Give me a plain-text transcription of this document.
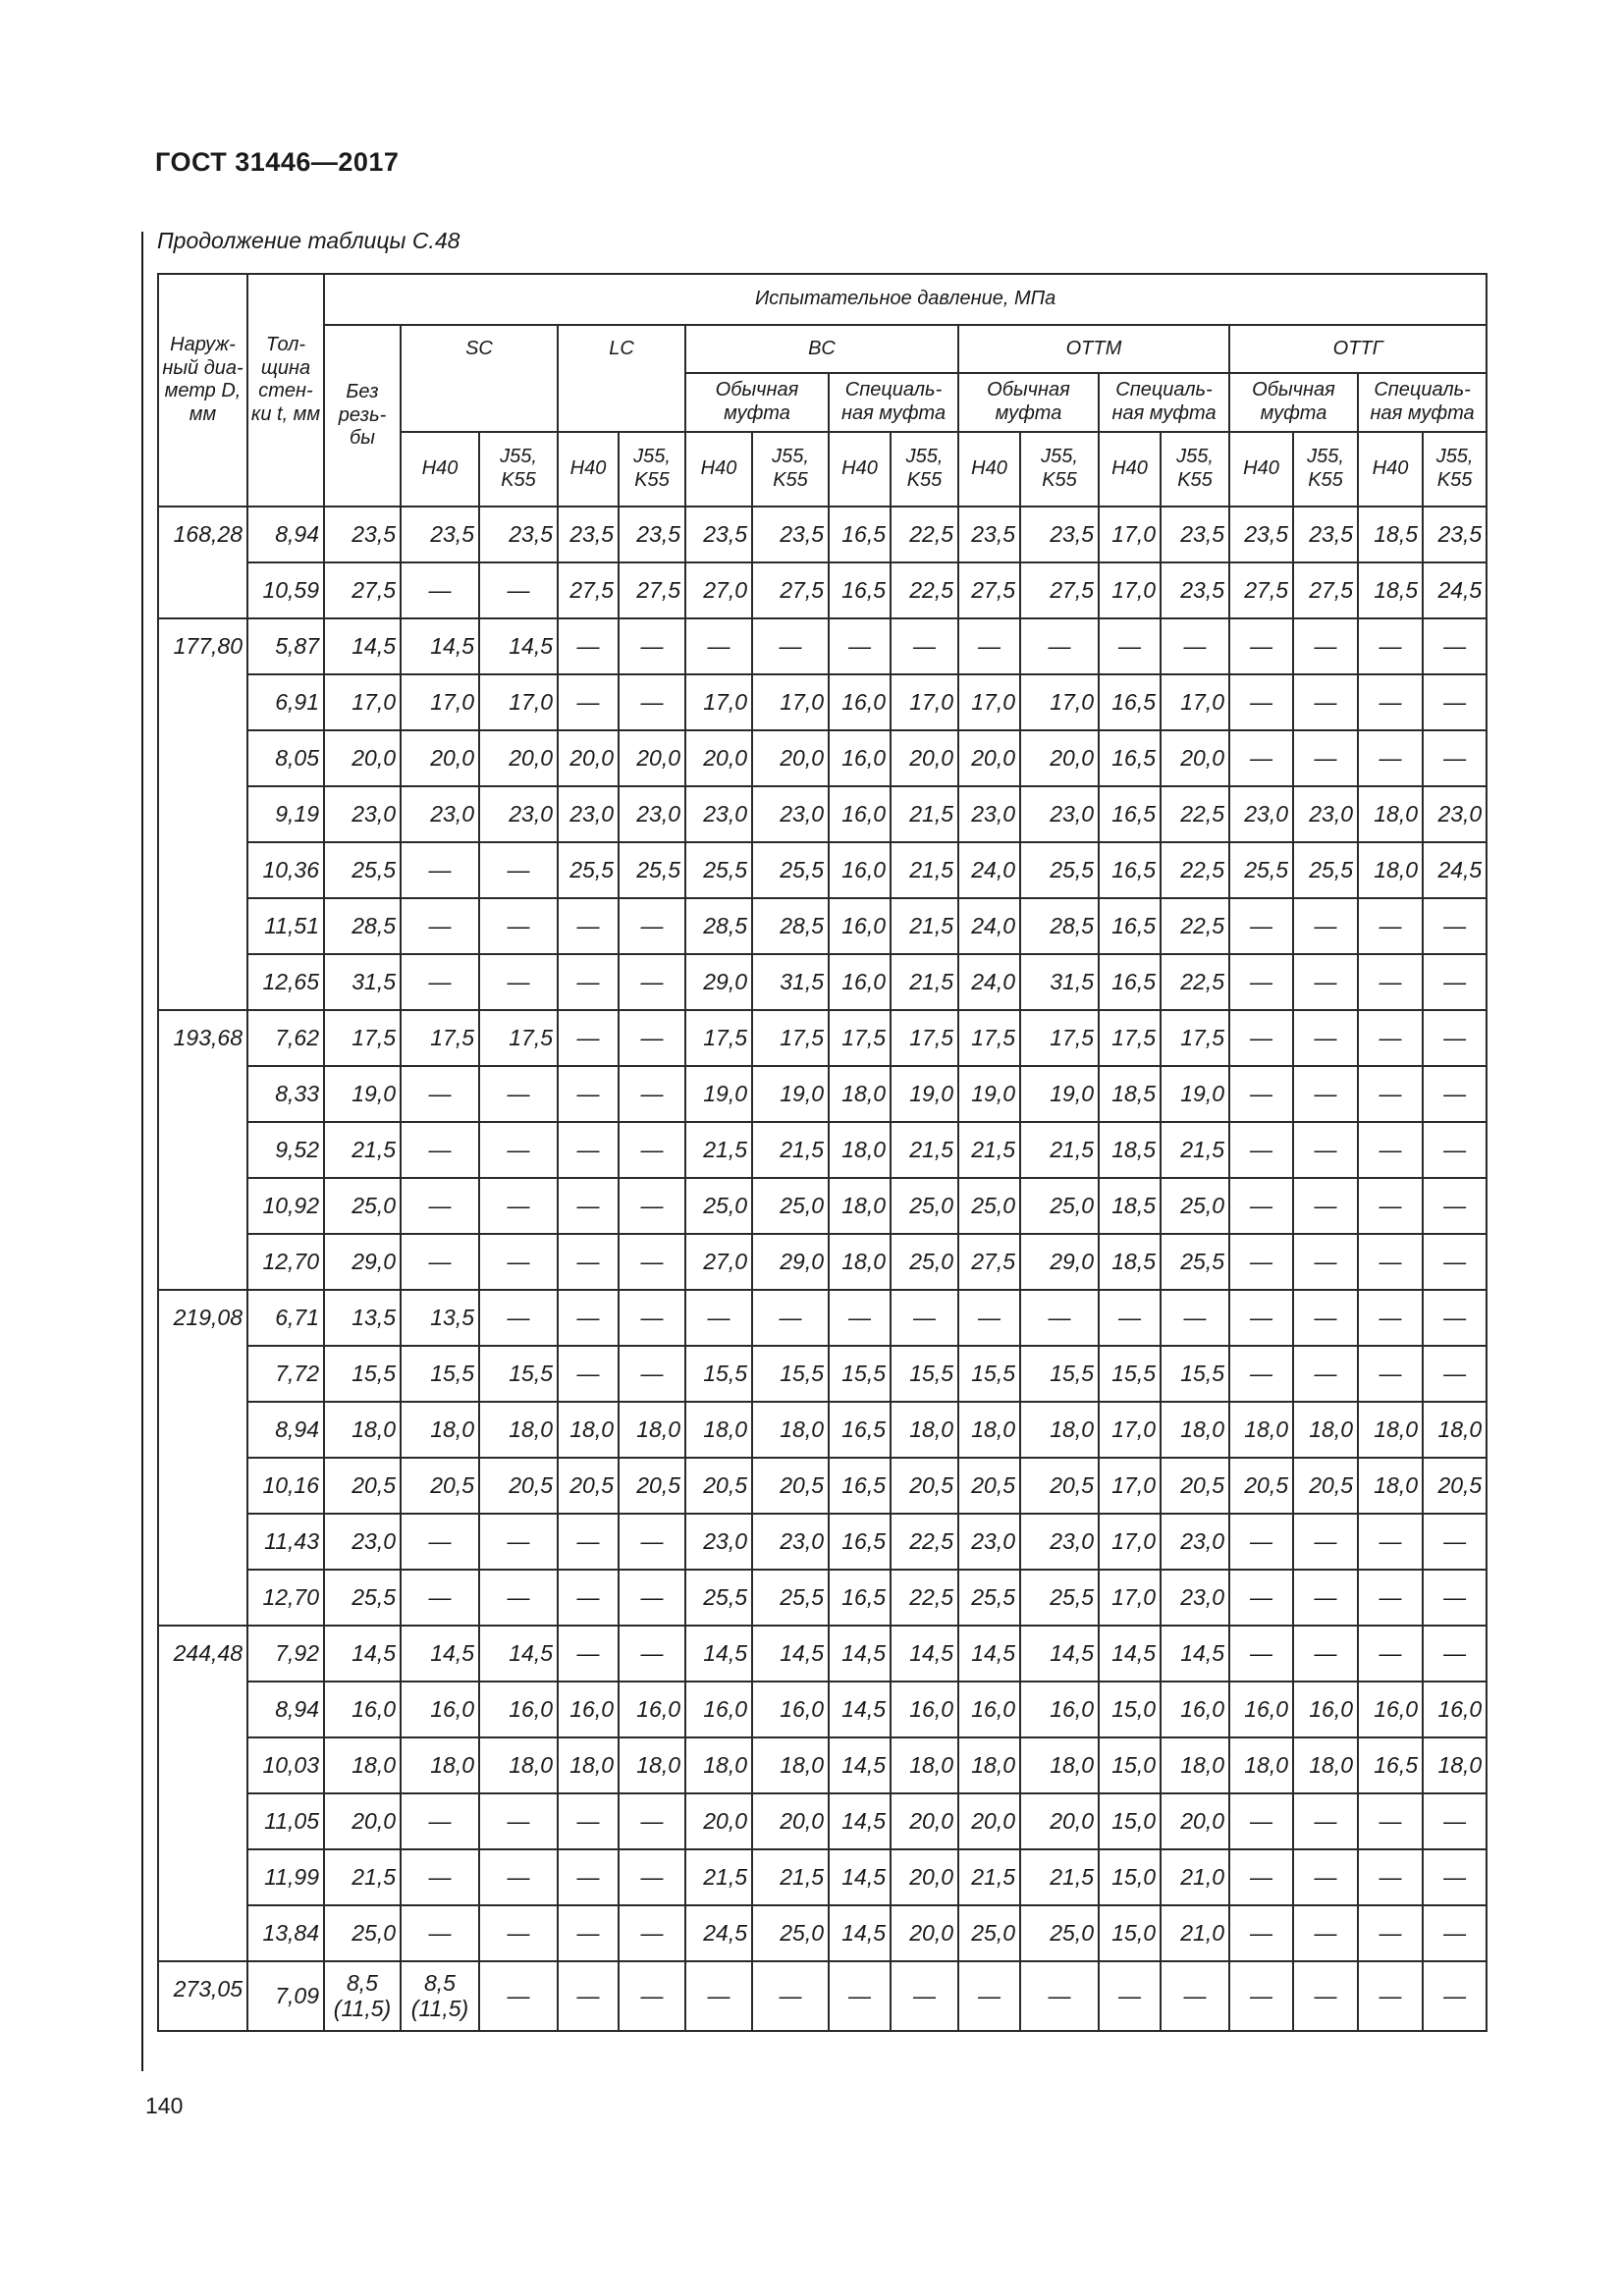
ГОСТ 31446—2017
Продолжение таблицы С.48
Наруж-ный диа-метр D, мм	Тол-щина стен-ки t, мм	Испытательное давление, МПа																
		Без резь-бы	SC		LC		BC				ОТТМ				ОТТГ			
							Обычная муфта		Специаль-ная муфта		Обычная муфта		Специаль-ная муфта		Обычная муфта		Специаль-ная муфта	
			Н40	J55, K55	Н40	J55, K55	Н40	J55, K55	Н40	J55, K55	Н40	J55, K55	Н40	J55, K55	Н40	J55, K55	Н40	J55, K55
168,28	8,94	23,5	23,5	23,5	23,5	23,5	23,5	23,5	16,5	22,5	23,5	23,5	17,0	23,5	23,5	23,5	18,5	23,5
	10,59	27,5	—	—	27,5	27,5	27,0	27,5	16,5	22,5	27,5	27,5	17,0	23,5	27,5	27,5	18,5	24,5
177,80	5,87	14,5	14,5	14,5	—	—	—	—	—	—	—	—	—	—	—	—	—	—
	6,91	17,0	17,0	17,0	—	—	17,0	17,0	16,0	17,0	17,0	17,0	16,5	17,0	—	—	—	—
	8,05	20,0	20,0	20,0	20,0	20,0	20,0	20,0	16,0	20,0	20,0	20,0	16,5	20,0	—	—	—	—
	9,19	23,0	23,0	23,0	23,0	23,0	23,0	23,0	16,0	21,5	23,0	23,0	16,5	22,5	23,0	23,0	18,0	23,0
	10,36	25,5	—	—	25,5	25,5	25,5	25,5	16,0	21,5	24,0	25,5	16,5	22,5	25,5	25,5	18,0	24,5
	11,51	28,5	—	—	—	—	28,5	28,5	16,0	21,5	24,0	28,5	16,5	22,5	—	—	—	—
	12,65	31,5	—	—	—	—	29,0	31,5	16,0	21,5	24,0	31,5	16,5	22,5	—	—	—	—
193,68	7,62	17,5	17,5	17,5	—	—	17,5	17,5	17,5	17,5	17,5	17,5	17,5	17,5	—	—	—	—
	8,33	19,0	—	—	—	—	19,0	19,0	18,0	19,0	19,0	19,0	18,5	19,0	—	—	—	—
	9,52	21,5	—	—	—	—	21,5	21,5	18,0	21,5	21,5	21,5	18,5	21,5	—	—	—	—
	10,92	25,0	—	—	—	—	25,0	25,0	18,0	25,0	25,0	25,0	18,5	25,0	—	—	—	—
	12,70	29,0	—	—	—	—	27,0	29,0	18,0	25,0	27,5	29,0	18,5	25,5	—	—	—	—
219,08	6,71	13,5	13,5	—	—	—	—	—	—	—	—	—	—	—	—	—	—	—
	7,72	15,5	15,5	15,5	—	—	15,5	15,5	15,5	15,5	15,5	15,5	15,5	15,5	—	—	—	—
	8,94	18,0	18,0	18,0	18,0	18,0	18,0	18,0	16,5	18,0	18,0	18,0	17,0	18,0	18,0	18,0	18,0	18,0
	10,16	20,5	20,5	20,5	20,5	20,5	20,5	20,5	16,5	20,5	20,5	20,5	17,0	20,5	20,5	20,5	18,0	20,5
	11,43	23,0	—	—	—	—	23,0	23,0	16,5	22,5	23,0	23,0	17,0	23,0	—	—	—	—
	12,70	25,5	—	—	—	—	25,5	25,5	16,5	22,5	25,5	25,5	17,0	23,0	—	—	—	—
244,48	7,92	14,5	14,5	14,5	—	—	14,5	14,5	14,5	14,5	14,5	14,5	14,5	14,5	—	—	—	—
	8,94	16,0	16,0	16,0	16,0	16,0	16,0	16,0	14,5	16,0	16,0	16,0	15,0	16,0	16,0	16,0	16,0	16,0
	10,03	18,0	18,0	18,0	18,0	18,0	18,0	18,0	14,5	18,0	18,0	18,0	15,0	18,0	18,0	18,0	16,5	18,0
	11,05	20,0	—	—	—	—	20,0	20,0	14,5	20,0	20,0	20,0	15,0	20,0	—	—	—	—
	11,99	21,5	—	—	—	—	21,5	21,5	14,5	20,0	21,5	21,5	15,0	21,0	—	—	—	—
	13,84	25,0	—	—	—	—	24,5	25,0	14,5	20,0	25,0	25,0	15,0	21,0	—	—	—	—
273,05	7,09	8,5 (11,5)	8,5 (11,5)	—	—	—	—	—	—	—	—	—	—	—	—	—	—	—
140
